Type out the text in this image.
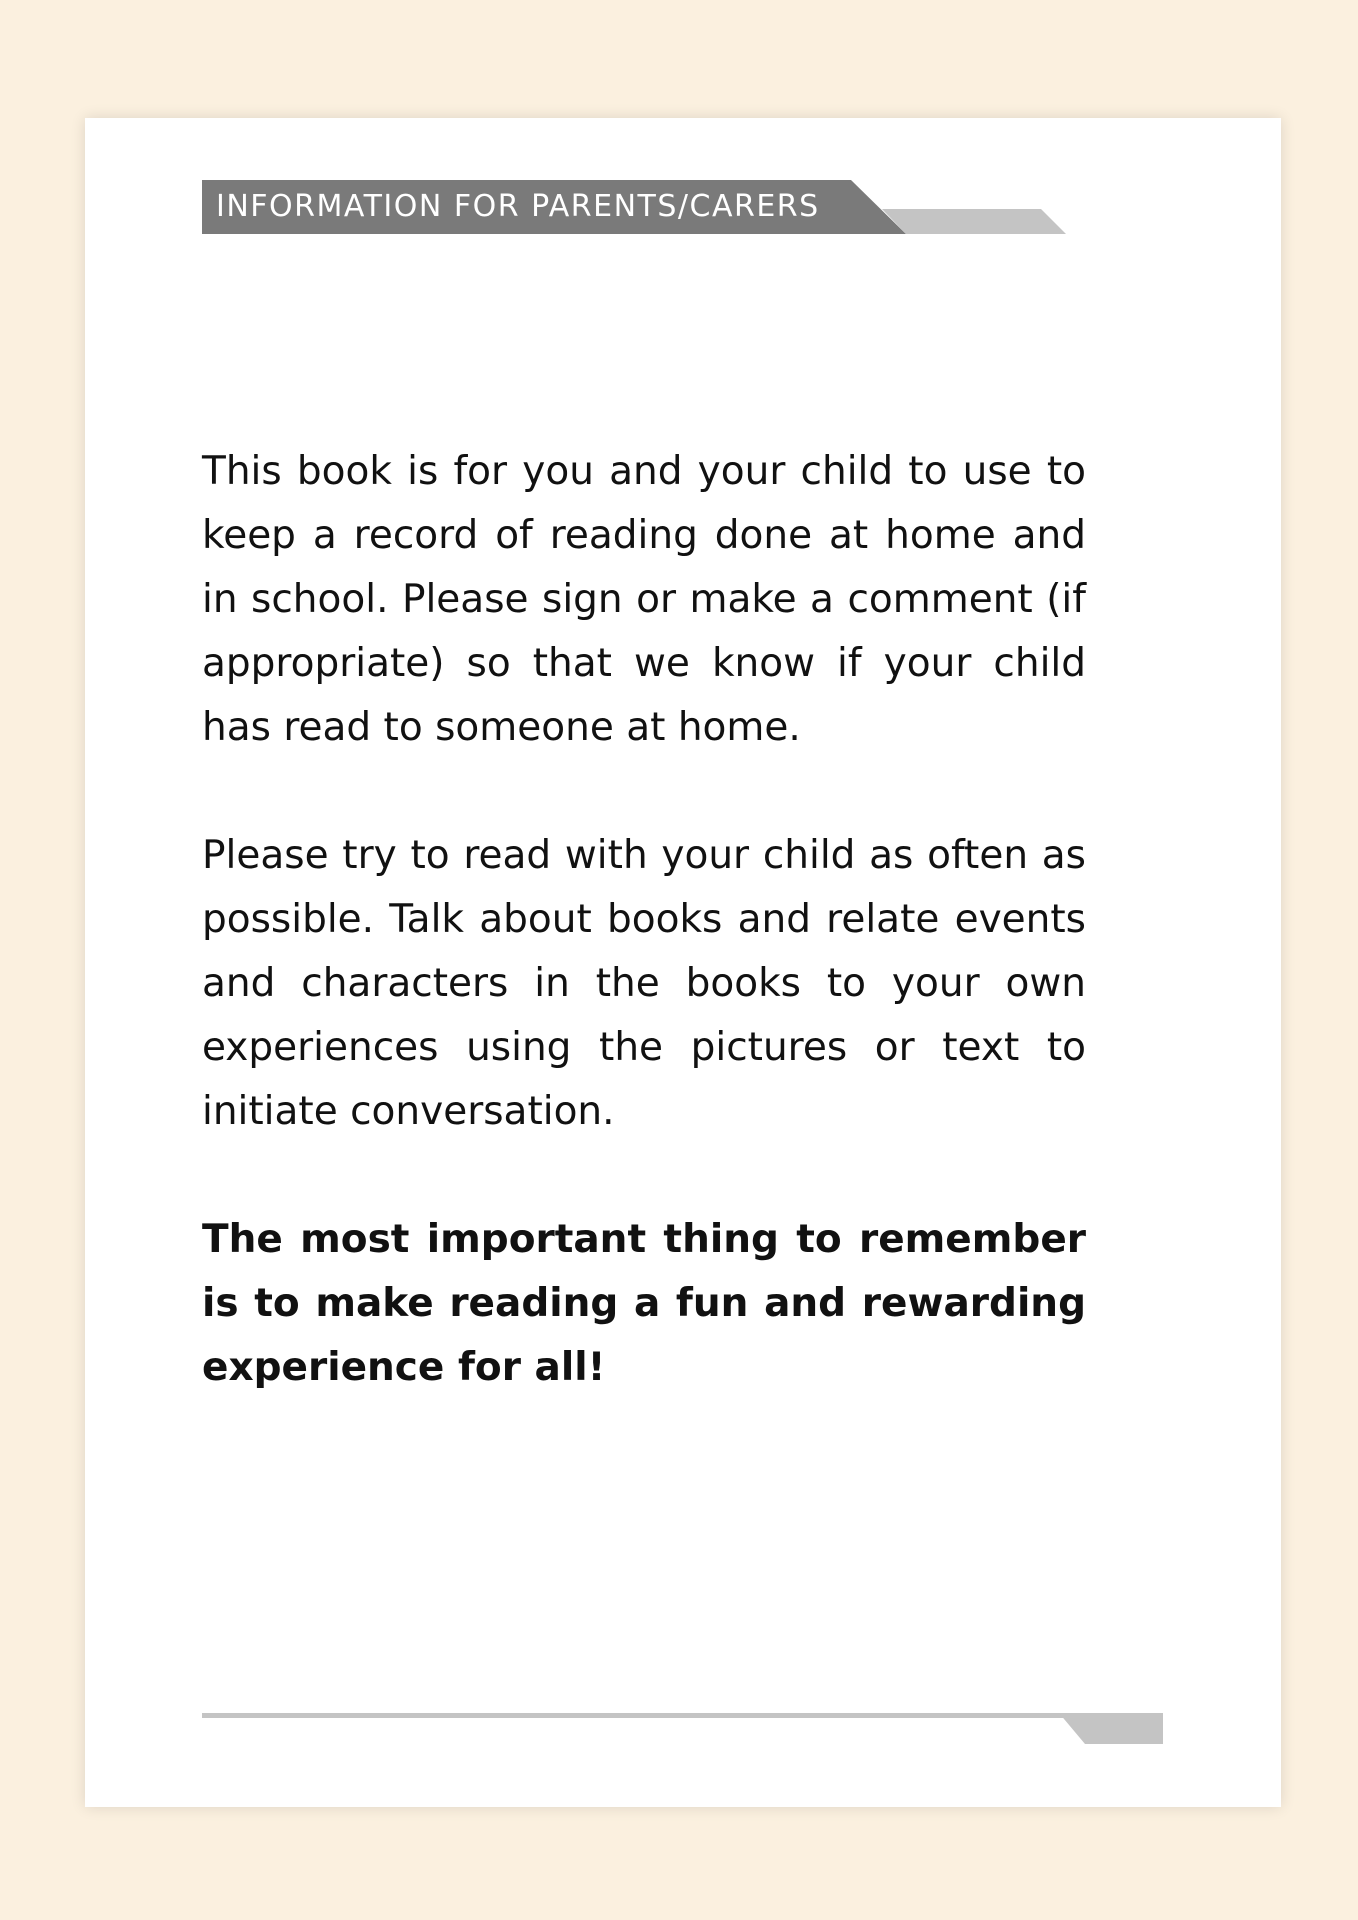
INFORMATION FOR PARENTS/CARERS

This book is for you and your child to use to keep a record of reading done at home and in school. Please sign or make a comment (if appropriate) so that we know if your child has read to someone at home.

Please try to read with your child as often as possible. Talk about books and relate events and characters in the books to your own experiences using the pictures or text to initiate conversation.

The most important thing to remember is to make reading a fun and rewarding experience for all!
